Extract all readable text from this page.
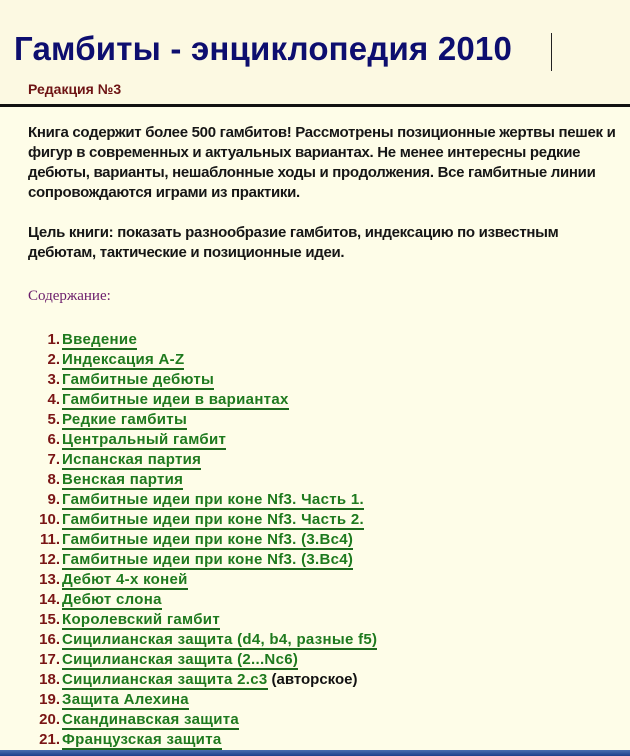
Гамбиты - энциклопедия 2010
Редакция №3
Книга содержит более 500 гамбитов! Рассмотрены позиционные жертвы пешек и фигур в современных и актуальных вариантах. Не менее интересны редкие дебюты, варианты, нешаблонные ходы и продолжения. Все гамбитные линии сопровождаются играми из практики.
Цель книги: показать разнообразие гамбитов, индексацию по известным дебютам, тактические и позиционные идеи.
Содержание:
1. Введение
2. Индексация A-Z
3. Гамбитные дебюты
4. Гамбитные идеи в вариантах
5. Редкие гамбиты
6. Центральный гамбит
7. Испанская партия
8. Венская партия
9. Гамбитные идеи при коне Nf3. Часть 1.
10. Гамбитные идеи при коне Nf3. Часть 2.
11. Гамбитные идеи при коне Nf3. (3.Bc4)
12. Гамбитные идеи при коне Nf3. (3.Bc4)
13. Дебют 4-х коней
14. Дебют слона
15. Королевский гамбит
16. Сицилианская защита (d4, b4, разные f5)
17. Сицилианская защита (2...Nc6)
18. Сицилианская защита 2.c3 (авторское)
19. Защита Алехина
20. Скандинавская защита
21. Французская защита
